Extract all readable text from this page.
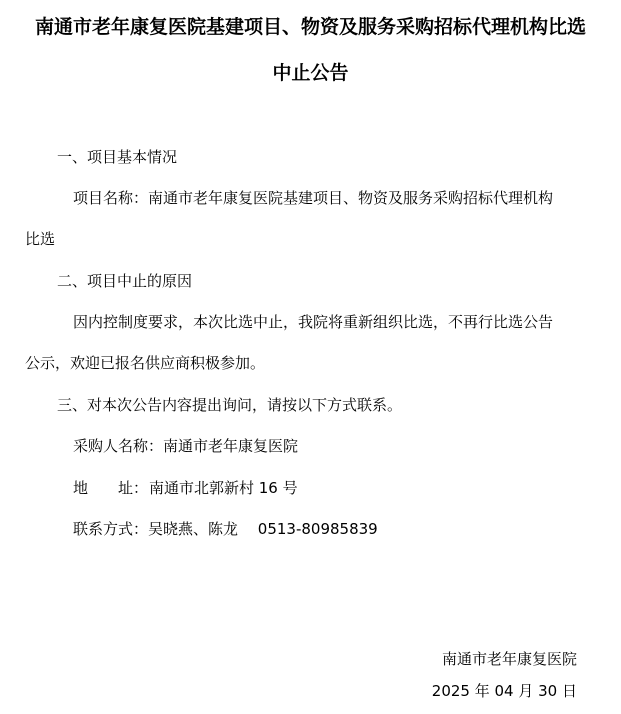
南通市老年康复医院基建项目、物资及服务采购招标代理机构比选
中止公告
一、项目基本情况
项目名称：南通市老年康复医院基建项目、物资及服务采购招标代理机构
比选
二、项目中止的原因
因内控制度要求，本次比选中止，我院将重新组织比选，不再行比选公告
公示，欢迎已报名供应商积极参加。
三、对本次公告内容提出询问，请按以下方式联系。
采购人名称：南通市老年康复医院
地　　址：南通市北郭新村 16 号
联系方式：吴晓燕、陈龙　 0513-80985839
南通市老年康复医院
2025 年 04 月 30 日
